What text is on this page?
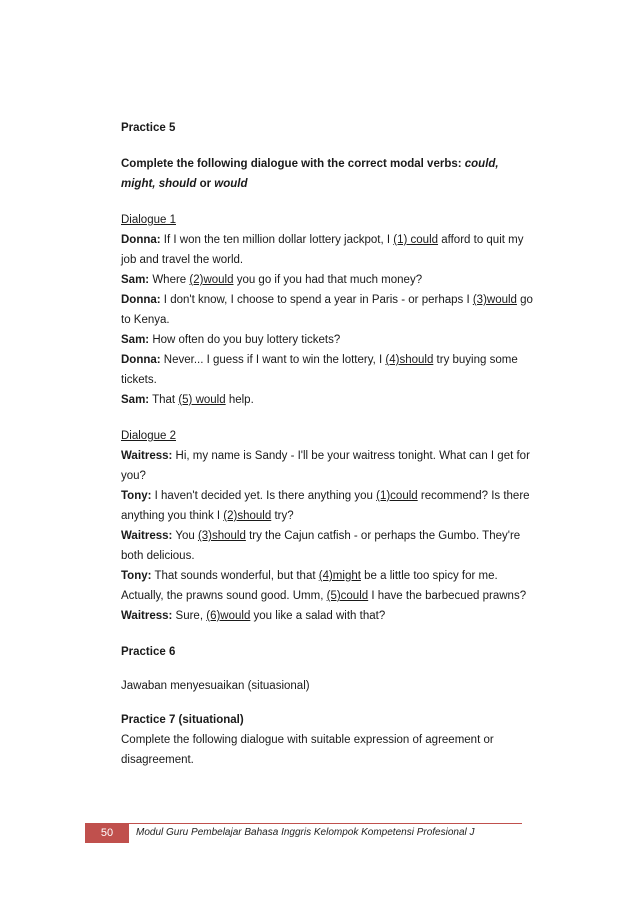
Practice 5
Complete the following dialogue with the correct modal verbs: could,
might, should or would
Dialogue 1
Donna: If I won the ten million dollar lottery jackpot, I (1) could afford to quit my job and travel the world.
Sam: Where (2)would you go if you had that much money?
Donna: I don't know, I choose to spend a year in Paris - or perhaps I (3)would go to Kenya.
Sam: How often do you buy lottery tickets?
Donna: Never... I guess if I want to win the lottery, I (4)should try buying some tickets.
Sam: That (5) would help.
Dialogue 2
Waitress: Hi, my name is Sandy - I'll be your waitress tonight. What can I get for you?
Tony: I haven't decided yet. Is there anything you (1)could recommend? Is there anything you think I (2)should try?
Waitress: You (3)should try the Cajun catfish - or perhaps the Gumbo. They're both delicious.
Tony: That sounds wonderful, but that (4)might be a little too spicy for me. Actually, the prawns sound good. Umm, (5)could I have the barbecued prawns?
Waitress: Sure, (6)would you like a salad with that?
Practice 6
Jawaban menyesuaikan (situasional)
Practice 7 (situational)
Complete the following dialogue with suitable expression of agreement or disagreement.
50	Modul Guru Pembelajar Bahasa Inggris Kelompok Kompetensi Profesional J
